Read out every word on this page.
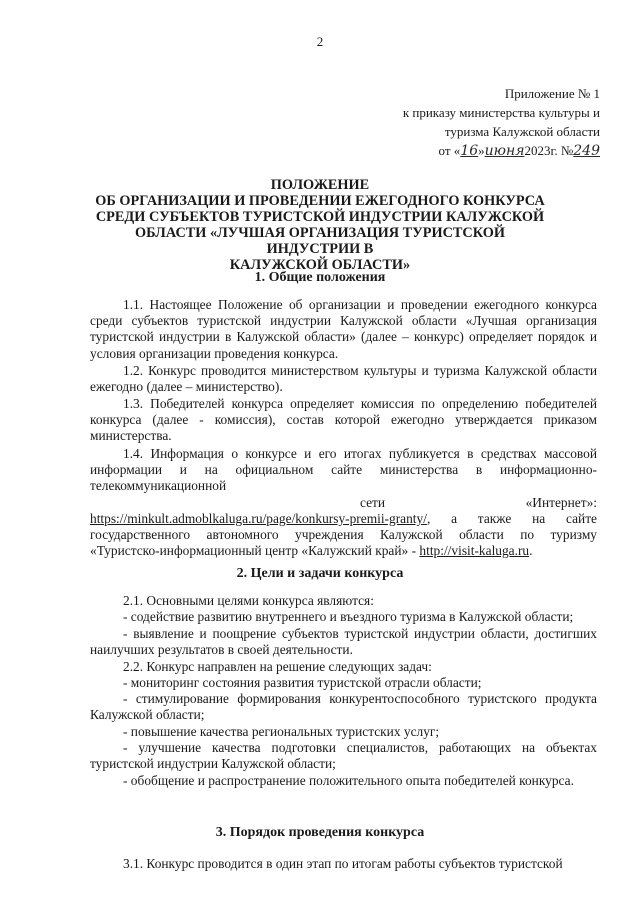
2
Приложение № 1
к приказу министерства культуры и
туризма Калужской области
от «16»июня2023г. №249
ПОЛОЖЕНИЕ
ОБ ОРГАНИЗАЦИИ И ПРОВЕДЕНИИ ЕЖЕГОДНОГО КОНКУРСА
СРЕДИ СУБЪЕКТОВ ТУРИСТСКОЙ ИНДУСТРИИ КАЛУЖСКОЙ
ОБЛАСТИ «ЛУЧШАЯ ОРГАНИЗАЦИЯ ТУРИСТСКОЙ ИНДУСТРИИ В
КАЛУЖСКОЙ ОБЛАСТИ»
1. Общие положения
1.1. Настоящее Положение об организации и проведении ежегодного конкурса среди субъектов туристской индустрии Калужской области «Лучшая организация туристской индустрии в Калужской области» (далее – конкурс) определяет порядок и условия организации проведения конкурса.
1.2. Конкурс проводится министерством культуры и туризма Калужской области ежегодно (далее – министерство).
1.3. Победителей конкурса определяет комиссия по определению победителей конкурса (далее - комиссия), состав которой ежегодно утверждается приказом министерства.
1.4. Информация о конкурсе и его итогах публикуется в средствах массовой
информации и на официальном сайте министерства в информационно-
телекоммуникационной
сети	«Интернет»:
https://minkult.admoblkaluga.ru/page/konkursy-premii-granty/, а также на сайте
государственного автономного учреждения Калужской области по туризму
«Туристско-информационный центр «Калужский край» - http://visit-kaluga.ru.
2. Цели и задачи конкурса
2.1. Основными целями конкурса являются:
- содействие развитию внутреннего и въездного туризма в Калужской области;
- выявление и поощрение субъектов туристской индустрии области, достигших наилучших результатов в своей деятельности.
2.2. Конкурс направлен на решение следующих задач:
- мониторинг состояния развития туристской отрасли области;
- стимулирование формирования конкурентоспособного туристского продукта Калужской области;
- повышение качества региональных туристских услуг;
- улучшение качества подготовки специалистов, работающих на объектах туристской индустрии Калужской области;
- обобщение и распространение положительного опыта победителей конкурса.
3. Порядок проведения конкурса
3.1. Конкурс проводится в один этап по итогам работы субъектов туристской
